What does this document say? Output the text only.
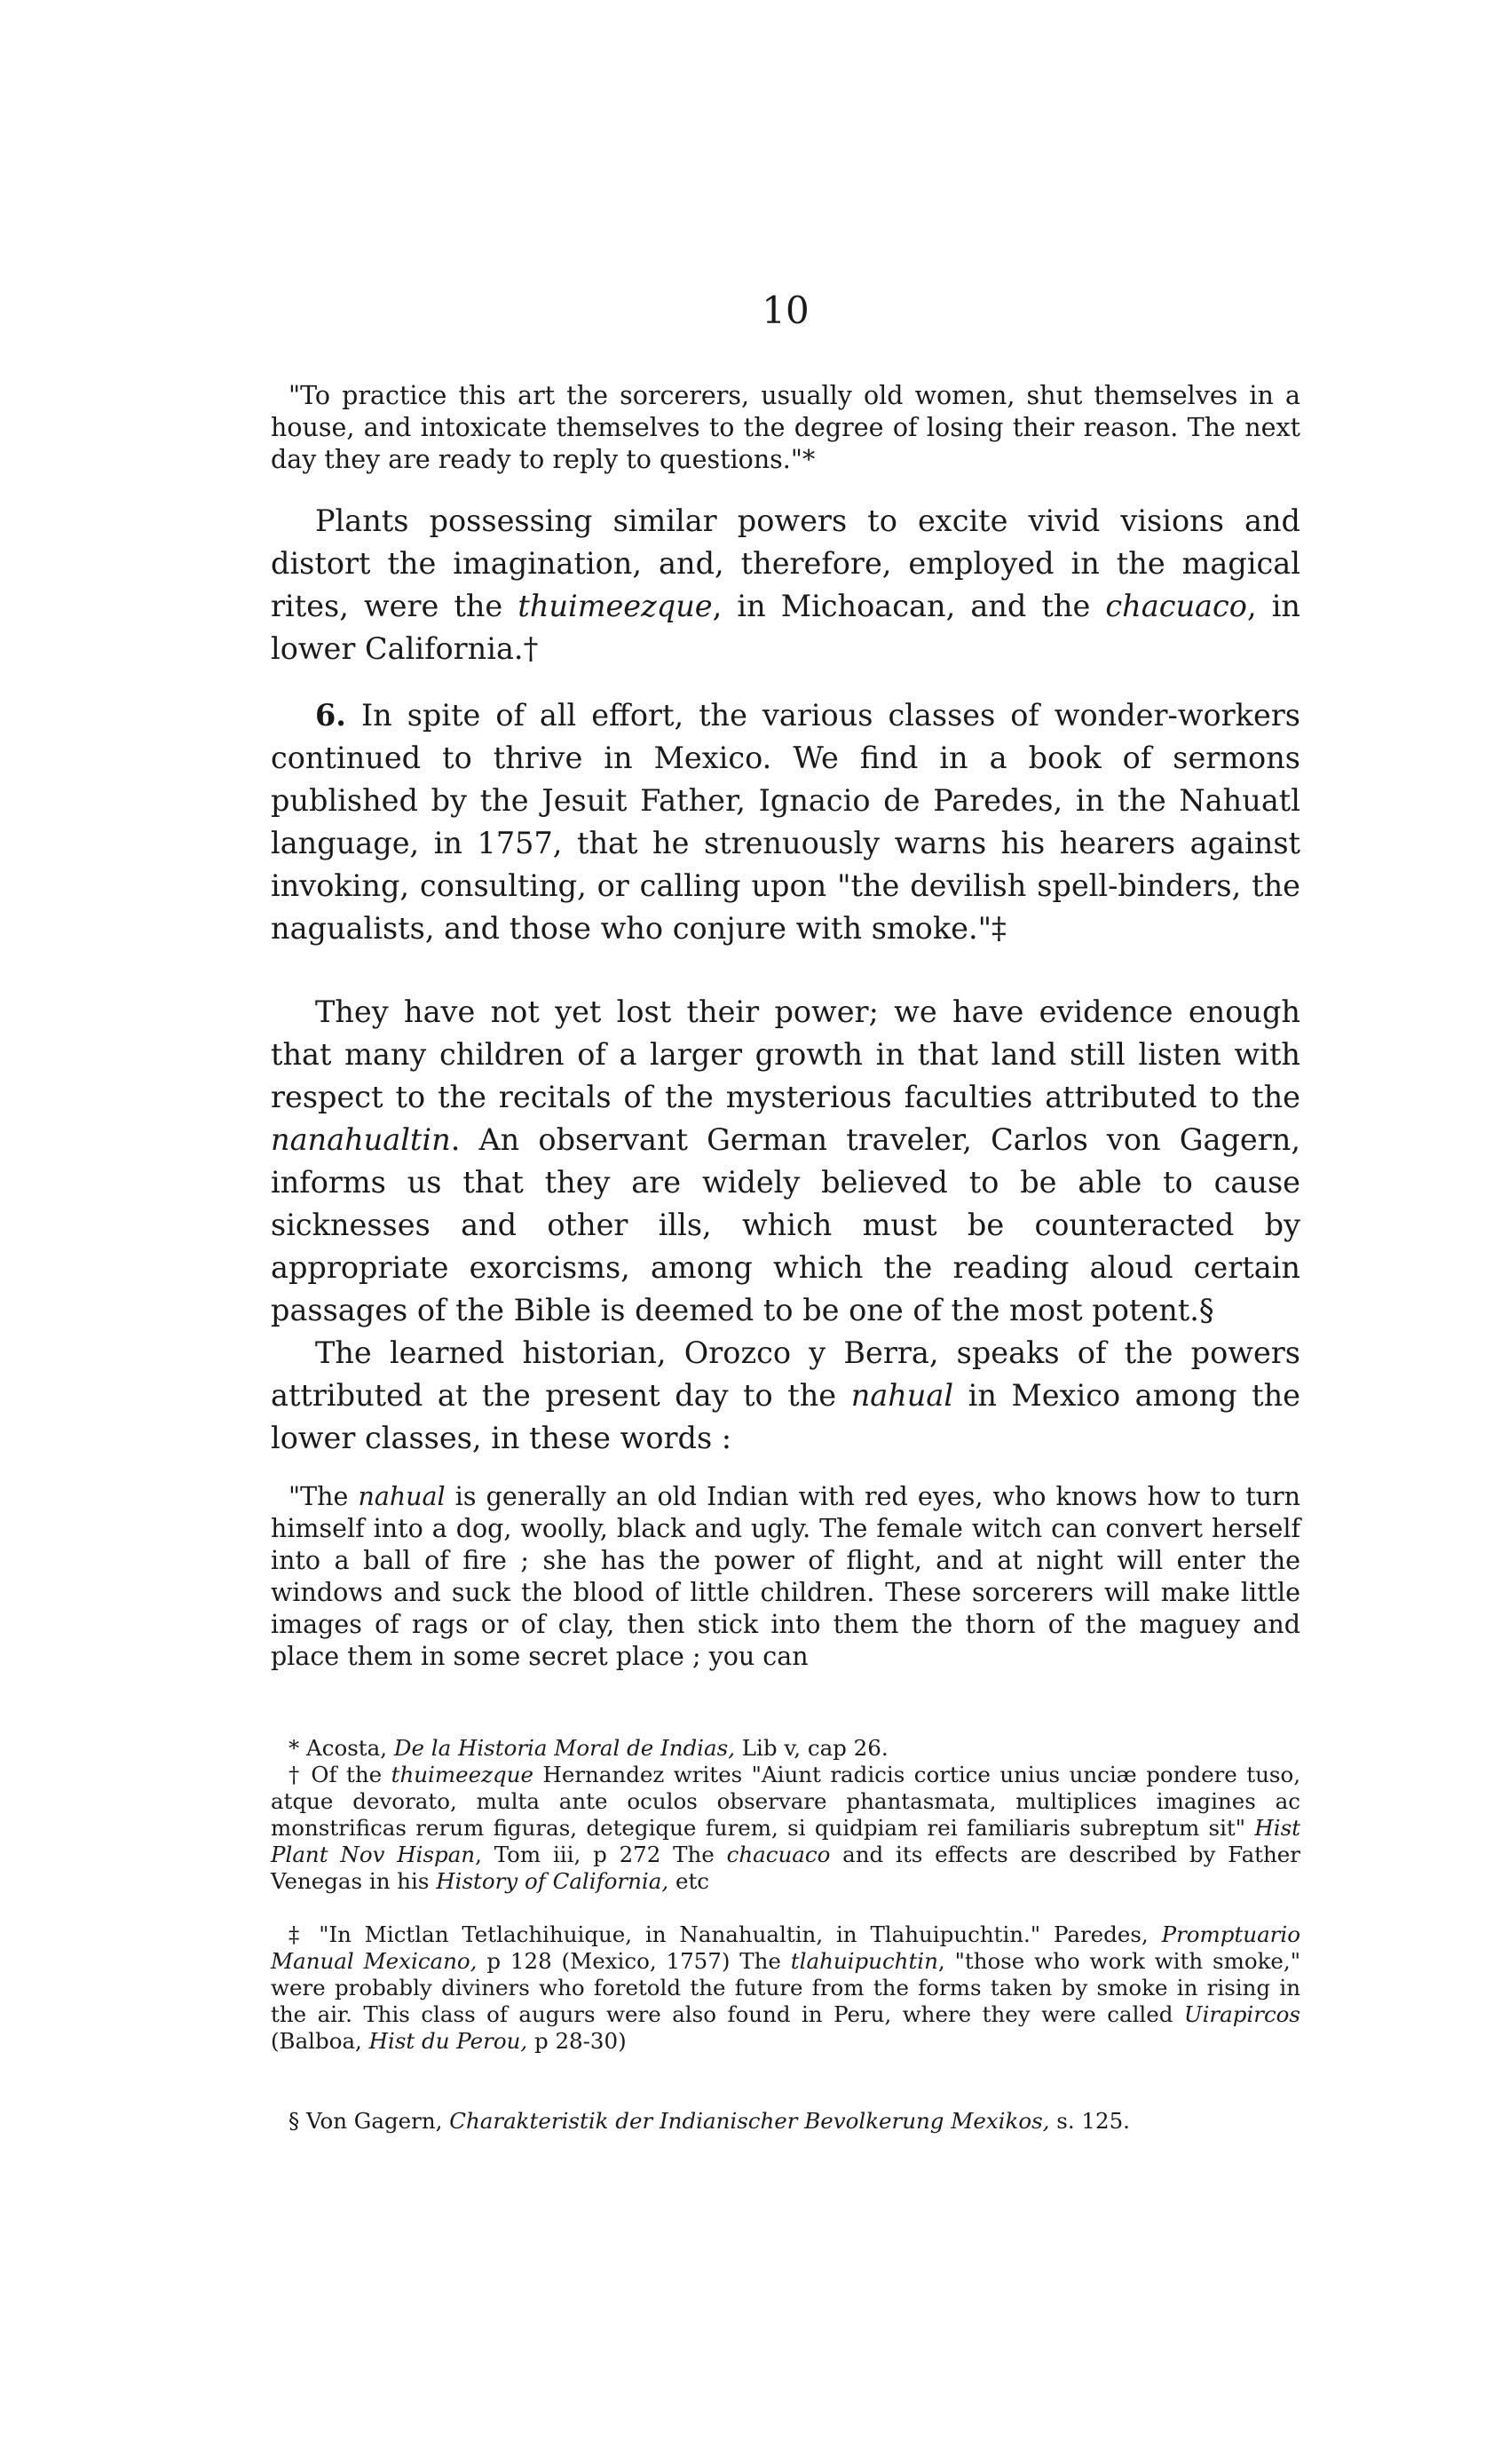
10

"To practice this art the sorcerers, usually old women, shut themselves in a house, and intoxicate themselves to the degree of losing their reason. The next day they are ready to reply to questions."*

Plants possessing similar powers to excite vivid visions and distort the imagination, and, therefore, employed in the magical rites, were the thuimeezque, in Michoacan, and the chacuaco, in lower California.†

6. In spite of all effort, the various classes of wonder-workers continued to thrive in Mexico. We find in a book of sermons published by the Jesuit Father, Ignacio de Paredes, in the Nahuatl language, in 1757, that he strenuously warns his hearers against invoking, consulting, or calling upon "the devilish spell-binders, the nagualists, and those who conjure with smoke."‡

They have not yet lost their power; we have evidence enough that many children of a larger growth in that land still listen with respect to the recitals of the mysterious faculties attributed to the nanahualtin. An observant German traveler, Carlos von Gagern, informs us that they are widely believed to be able to cause sicknesses and other ills, which must be counteracted by appropriate exorcisms, among which the reading aloud certain passages of the Bible is deemed to be one of the most potent.§

The learned historian, Orozco y Berra, speaks of the powers attributed at the present day to the nahual in Mexico among the lower classes, in these words :

"The nahual is generally an old Indian with red eyes, who knows how to turn himself into a dog, woolly, black and ugly. The female witch can convert herself into a ball of fire ; she has the power of flight, and at night will enter the windows and suck the blood of little children. These sorcerers will make little images of rags or of clay, then stick into them the thorn of the maguey and place them in some secret place ; you can

* Acosta, De la Historia Moral de Indias, Lib v, cap 26.

† Of the thuimeezque Hernandez writes "Aiunt radicis cortice unius unciæ pondere tuso, atque devorato, multa ante oculos observare phantasmata, multiplices imagines ac monstrificas rerum figuras, detegique furem, si quidpiam rei familiaris subreptum sit" Hist Plant Nov Hispan, Tom iii, p 272 The chacuaco and its effects are described by Father Venegas in his History of California, etc

‡ "In Mictlan Tetlachihuique, in Nanahualtin, in Tlahuipuchtin." Paredes, Promptuario Manual Mexicano, p 128 (Mexico, 1757) The tlahuipuchtin, "those who work with smoke," were probably diviners who foretold the future from the forms taken by smoke in rising in the air. This class of augurs were also found in Peru, where they were called Uirapircos (Balboa, Hist du Perou, p 28-30)

§ Von Gagern, Charakteristik der Indianischer Bevolkerung Mexikos, s. 125.
